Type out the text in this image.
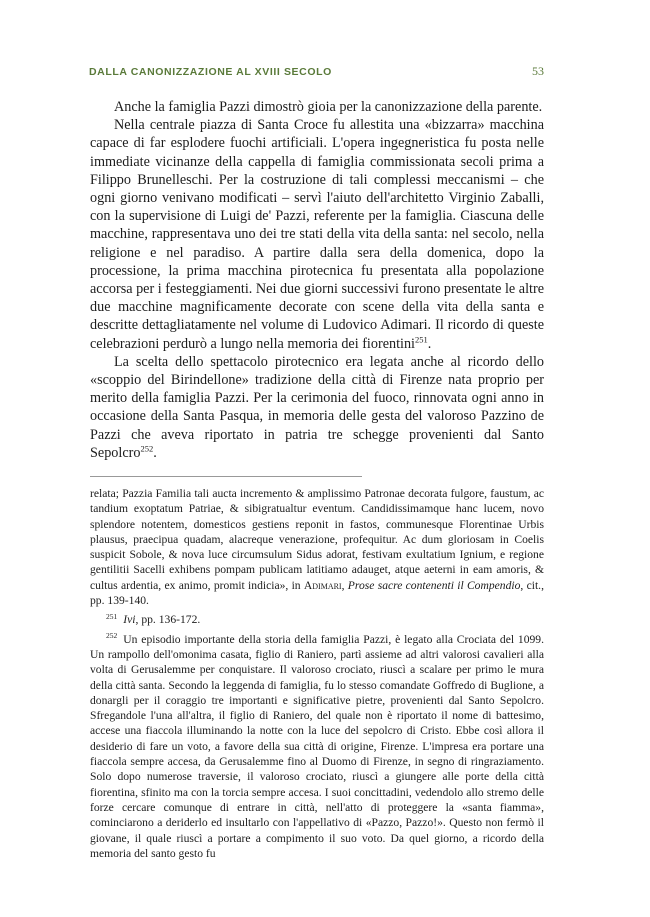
DALLA CANONIZZAZIONE AL XVIII SECOLO	53

Anche la famiglia Pazzi dimostrò gioia per la canonizzazione della parente.

Nella centrale piazza di Santa Croce fu allestita una «bizzarra» macchina capace di far esplodere fuochi artificiali. L'opera ingegneristica fu posta nelle immediate vicinanze della cappella di famiglia commissionata secoli prima a Filippo Brunelleschi. Per la costruzione di tali complessi meccanismi – che ogni giorno venivano modificati – servì l'aiuto dell'architetto Virginio Zaballi, con la supervisione di Luigi de' Pazzi, referente per la famiglia. Ciascuna delle macchine, rappresentava uno dei tre stati della vita della santa: nel secolo, nella religione e nel paradiso. A partire dalla sera della domenica, dopo la processione, la prima macchina pirotecnica fu presentata alla popolazione accorsa per i festeggiamenti. Nei due giorni successivi furono presentate le altre due macchine magnificamente decorate con scene della vita della santa e descritte dettagliatamente nel volume di Ludovico Adimari. Il ricordo di queste celebrazioni perdurò a lungo nella memoria dei fiorentini$^{251}$.

La scelta dello spettacolo pirotecnico era legata anche al ricordo dello «scoppio del Birindellone» tradizione della città di Firenze nata proprio per merito della famiglia Pazzi. Per la cerimonia del fuoco, rinnovata ogni anno in occasione della Santa Pasqua, in memoria delle gesta del valoroso Pazzino de Pazzi che aveva riportato in patria tre schegge provenienti dal Santo Sepolcro$^{252}$.

relata; Pazzia Familia tali aucta incremento & amplissimo Patronae decorata fulgore, faustum, ac tandium exoptatum Patriae, & sibigratualtur eventum. Candidissimamque hanc lucem, novo splendore notentem, domesticos gestiens reponit in fastos, communesque Florentinae Urbis plausus, praecipua quadam, alacreque venerazione, profequitur. Ac dum gloriosam in Coelis suspicit Sobole, & nova luce circumsulum Sidus adorat, festivam exultatium Ignium, e regione gentilitii Sacelli exhibens pompam publicam latitiamo adauget, atque aeterni in eam amoris, & cultus ardentia, ex animo, promit indicia», in Adimari, Prose sacre contenenti il Compendio, cit., pp. 139-140.

$^{251}$ Ivi, pp. 136-172.

$^{252}$ Un episodio importante della storia della famiglia Pazzi, è legato alla Crociata del 1099. Un rampollo dell'omonima casata, figlio di Raniero, partì assieme ad altri valorosi cavalieri alla volta di Gerusalemme per conquistare. Il valoroso crociato, riuscì a scalare per primo le mura della città santa. Secondo la leggenda di famiglia, fu lo stesso comandate Goffredo di Buglione, a donargli per il coraggio tre importanti e significative pietre, provenienti dal Santo Sepolcro. Sfregandole l'una all'altra, il figlio di Raniero, del quale non è riportato il nome di battesimo, accese una fiaccola illuminando la notte con la luce del sepolcro di Cristo. Ebbe così allora il desiderio di fare un voto, a favore della sua città di origine, Firenze. L'impresa era portare una fiaccola sempre accesa, da Gerusalemme fino al Duomo di Firenze, in segno di ringraziamento. Solo dopo numerose traversie, il valoroso crociato, riuscì a giungere alle porte della città fiorentina, sfinito ma con la torcia sempre accesa. I suoi concittadini, vedendolo allo stremo delle forze cercare comunque di entrare in città, nell'atto di proteggere la «santa fiamma», cominciarono a deriderlo ed insultarlo con l'appellativo di «Pazzo, Pazzo!». Questo non fermò il giovane, il quale riuscì a portare a compimento il suo voto. Da quel giorno, a ricordo della memoria del santo gesto fu
